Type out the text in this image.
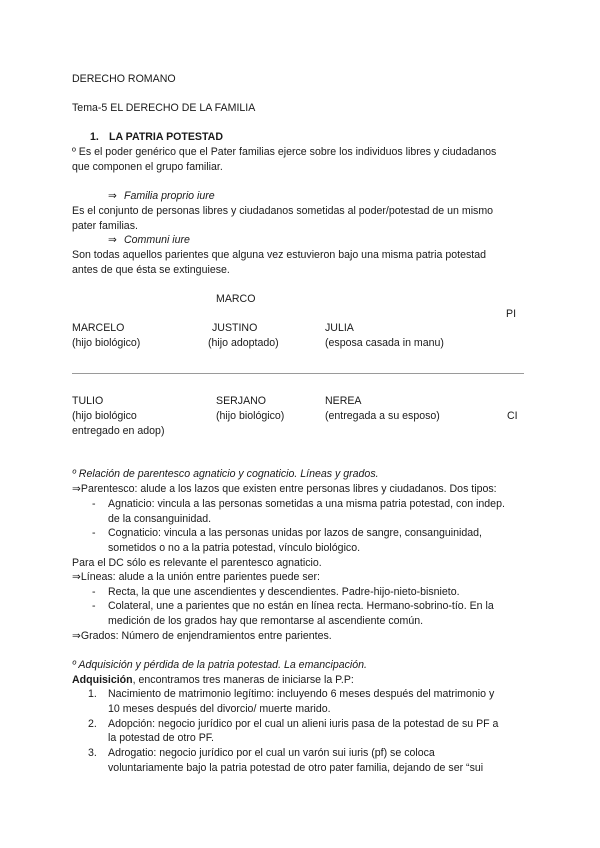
DERECHO ROMANO
Tema-5 EL DERECHO DE LA FAMILIA
1. LA PATRIA POTESTAD
º Es el poder genérico que el Pater familias ejerce sobre los individuos libres y ciudadanos
que componen el grupo familiar.
⇒ Familia proprio iure
Es el conjunto de personas libres y ciudadanos sometidas al poder/potestad de un mismo
pater familias.
⇒ Communi iure
Son todas aquellos parientes que alguna vez estuvieron bajo una misma patria potestad
antes de que ésta se extinguiese.
MARCO
PI
MARCELO
(hijo biológico)
JUSTINO
(hijo adoptado)
JULIA
(esposa casada in manu)
TULIO
(hijo biológico
entregado en adop)
SERJANO
(hijo biológico)
NEREA
(entregada a su esposo)	CI
º Relación de parentesco agnaticio y cognaticio. Líneas y grados.
⇒Parentesco: alude a los lazos que existen entre personas libres y ciudadanos. Dos tipos:
- Agnaticio: vincula a las personas sometidas a una misma patria potestad, con indep.
de la consanguinidad.
- Cognaticio: vincula a las personas unidas por lazos de sangre, consanguinidad,
sometidos o no a la patria potestad, vínculo biológico.
Para el DC sólo es relevante el parentesco agnaticio.
⇒Líneas: alude a la unión entre parientes puede ser:
- Recta, la que une ascendientes y descendientes. Padre-hijo-nieto-bisnieto.
- Colateral, une a parientes que no están en línea recta. Hermano-sobrino-tío. En la
medición de los grados hay que remontarse al ascendiente común.
⇒Grados: Número de enjendramientos entre parientes.
º Adquisición y pérdida de la patria potestad. La emancipación.
Adquisición, encontramos tres maneras de iniciarse la P.P:
1. Nacimiento de matrimonio legítimo: incluyendo 6 meses después del matrimonio y
10 meses después del divorcio/ muerte marido.
2. Adopción: negocio jurídico por el cual un alieni iuris pasa de la potestad de su PF a
la potestad de otro PF.
3. Adrogatio: negocio jurídico por el cual un varón sui iuris (pf) se coloca
voluntariamente bajo la patria potestad de otro pater familia, dejando de ser “sui
